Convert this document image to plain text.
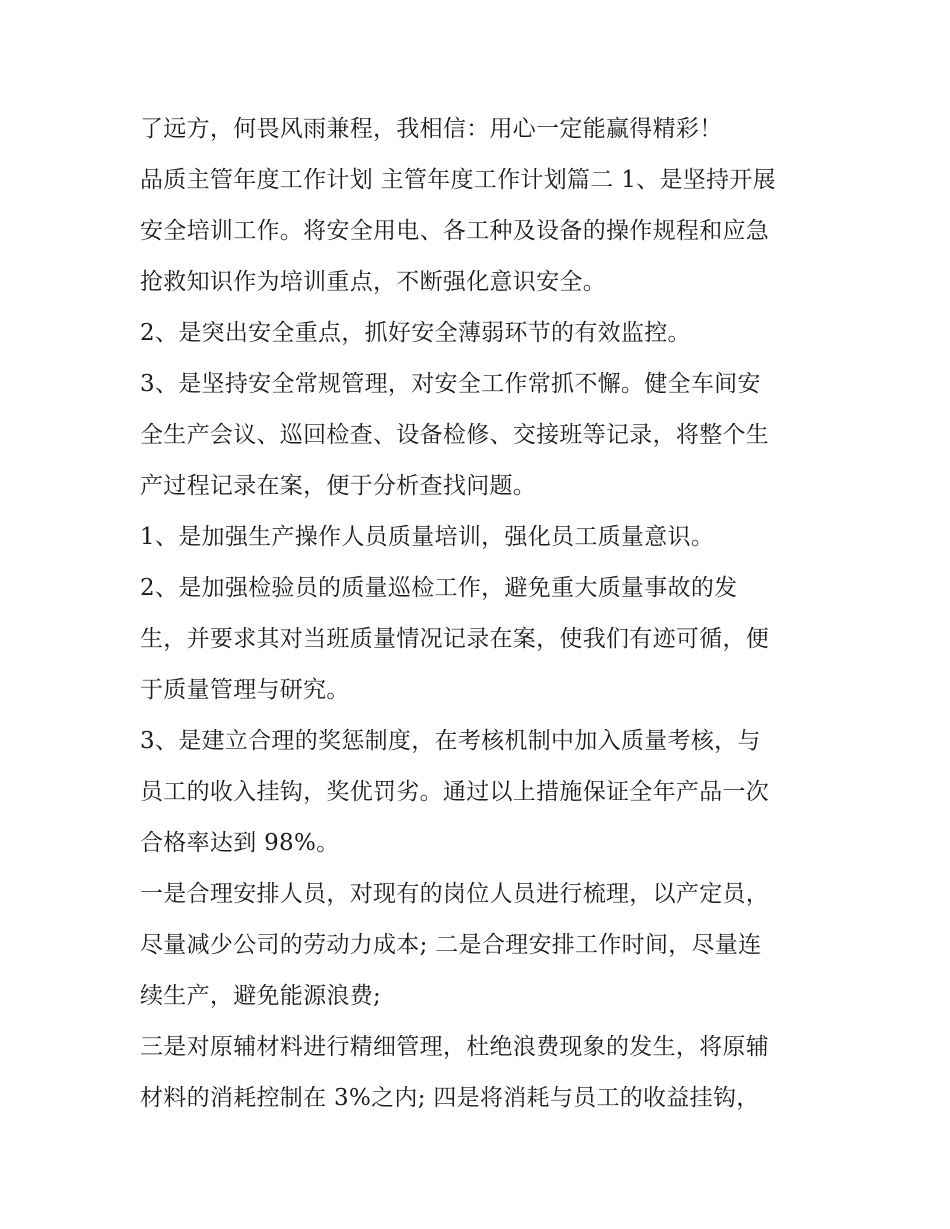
了远方，何畏风雨兼程，我相信：用心一定能赢得精彩！
品质主管年度工作计划 主管年度工作计划篇二 1、是坚持开展
安全培训工作。将安全用电、各工种及设备的操作规程和应急
抢救知识作为培训重点，不断强化意识安全。
2、是突出安全重点，抓好安全薄弱环节的有效监控。
3、是坚持安全常规管理，对安全工作常抓不懈。健全车间安
全生产会议、巡回检查、设备检修、交接班等记录，将整个生
产过程记录在案，便于分析查找问题。
1、是加强生产操作人员质量培训，强化员工质量意识。
2、是加强检验员的质量巡检工作，避免重大质量事故的发
生，并要求其对当班质量情况记录在案，使我们有迹可循，便
于质量管理与研究。
3、是建立合理的奖惩制度，在考核机制中加入质量考核，与
员工的收入挂钩，奖优罚劣。通过以上措施保证全年产品一次
合格率达到 98%。
一是合理安排人员，对现有的岗位人员进行梳理，以产定员，
尽量减少公司的劳动力成本; 二是合理安排工作时间，尽量连
续生产，避免能源浪费;
三是对原辅材料进行精细管理，杜绝浪费现象的发生，将原辅
材料的消耗控制在 3%之内; 四是将消耗与员工的收益挂钩，
